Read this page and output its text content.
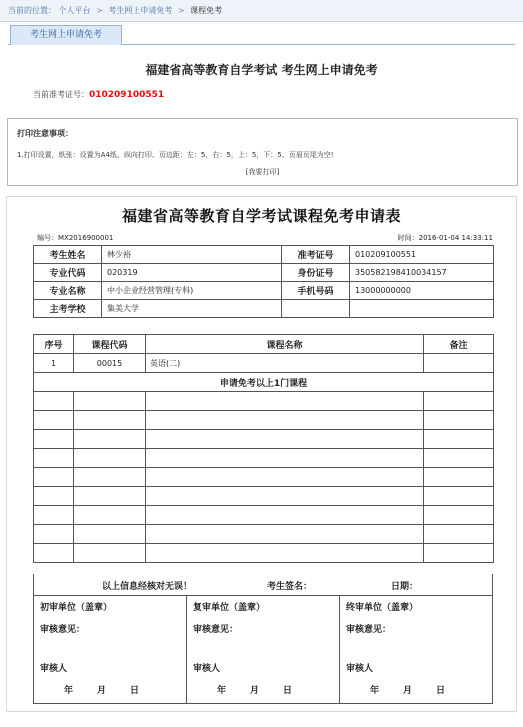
当前的位置： 个人平台 > 考生网上申请免考 > 课程免考
考生网上申请免考
福建省高等教育自学考试 考生网上申请免考
当前准考证号：010209100551
打印注意事项：
1.打印设置，纸张：设置为A4纸、纵向打印、页边距：左：5，右：5，上：5，下：5、页眉页尾为空!
[我要打印]
福建省高等教育自学考试课程免考申请表
编号：MX2016900001	时间：2016-01-04 14:33:11
考生姓名	林少裕	准考证号	010209100551
专业代码	020319	身份证号	350582198410034157
专业名称	中小企业经营管理(专科)	手机号码	13000000000
主考学校	集美大学		
序号	课程代码	课程名称	备注
1	00015	英语(二)	
申请免考以上1门课程			

以上信息经核对无误！	考生签名：	日期：
初审单位（盖章）
审核意见：
审核人
年	月	日
复审单位（盖章）
审核意见：
审核人
年	月	日
终审单位（盖章）
审核意见：
审核人
年	月	日
